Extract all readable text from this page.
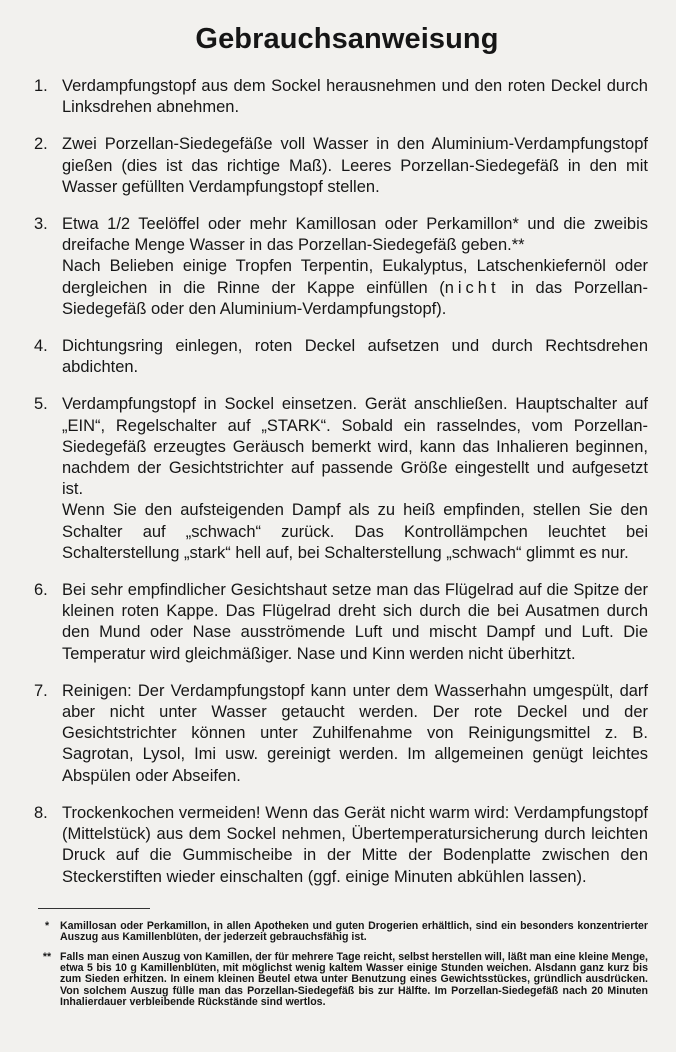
Gebrauchsanweisung
1. Verdampfungstopf aus dem Sockel herausnehmen und den roten Deckel durch Linksdrehen abnehmen.
2. Zwei Porzellan-Siedegefäße voll Wasser in den Aluminium-Verdampfungstopf gießen (dies ist das richtige Maß). Leeres Porzellan-Siedegefäß in den mit Wasser gefüllten Verdampfungstopf stellen.
3. Etwa 1/2 Teelöffel oder mehr Kamillosan oder Perkamillon* und die zweibis dreifache Menge Wasser in das Porzellan-Siedegefäß geben.**

Nach Belieben einige Tropfen Terpentin, Eukalyptus, Latschenkiefernöl oder dergleichen in die Rinne der Kappe einfüllen (nicht in das Porzellan-Siedegefäß oder den Aluminium-Verdampfungstopf).

4. Dichtungsring einlegen, roten Deckel aufsetzen und durch Rechtsdrehen abdichten.
5. Verdampfungstopf in Sockel einsetzen. Gerät anschließen. Hauptschalter auf „EIN“, Regelschalter auf „STARK“. Sobald ein rasselndes, vom Porzellan-Siedegefäß erzeugtes Geräusch bemerkt wird, kann das Inhalieren beginnen, nachdem der Gesichtstrichter auf passende Größe eingestellt und aufgesetzt ist.

Wenn Sie den aufsteigenden Dampf als zu heiß empfinden, stellen Sie den Schalter auf „schwach“ zurück. Das Kontrollämpchen leuchtet bei Schalterstellung „stark“ hell auf, bei Schalterstellung „schwach“ glimmt es nur.

6. Bei sehr empfindlicher Gesichtshaut setze man das Flügelrad auf die Spitze der kleinen roten Kappe. Das Flügelrad dreht sich durch die bei Ausatmen durch den Mund oder Nase ausströmende Luft und mischt Dampf und Luft. Die Temperatur wird gleichmäßiger. Nase und Kinn werden nicht überhitzt.
7. Reinigen: Der Verdampfungstopf kann unter dem Wasserhahn umgespült, darf aber nicht unter Wasser getaucht werden. Der rote Deckel und der Gesichtstrichter können unter Zuhilfenahme von Reinigungsmittel z. B. Sagrotan, Lysol, Imi usw. gereinigt werden. Im allgemeinen genügt leichtes Abspülen oder Abseifen.
8. Trockenkochen vermeiden! Wenn das Gerät nicht warm wird: Verdampfungstopf (Mittelstück) aus dem Sockel nehmen, Übertemperatursicherung durch leichten Druck auf die Gummischeibe in der Mitte der Bodenplatte zwischen den Steckerstiften wieder einschalten (ggf. einige Minuten abkühlen lassen).
*	Kamillosan oder Perkamillon, in allen Apotheken und guten Drogerien erhältlich, sind ein besonders konzentrierter Auszug aus Kamillenblüten, der jederzeit gebrauchsfähig ist.
** Falls man einen Auszug von Kamillen, der für mehrere Tage reicht, selbst herstellen will, läßt man eine kleine Menge, etwa 5 bis 10 g Kamillenblüten, mit möglichst wenig kaltem Wasser einige Stunden weichen. Alsdann ganz kurz bis zum Sieden erhitzen. In einem kleinen Beutel etwa unter Benutzung eines Gewichtsstückes, gründlich ausdrücken. Von solchem Auszug fülle man das Porzellan-Siedegefäß bis zur Hälfte. Im Porzellan-Siedegefäß nach 20 Minuten Inhalierdauer verbleibende Rückstände sind wertlos.
